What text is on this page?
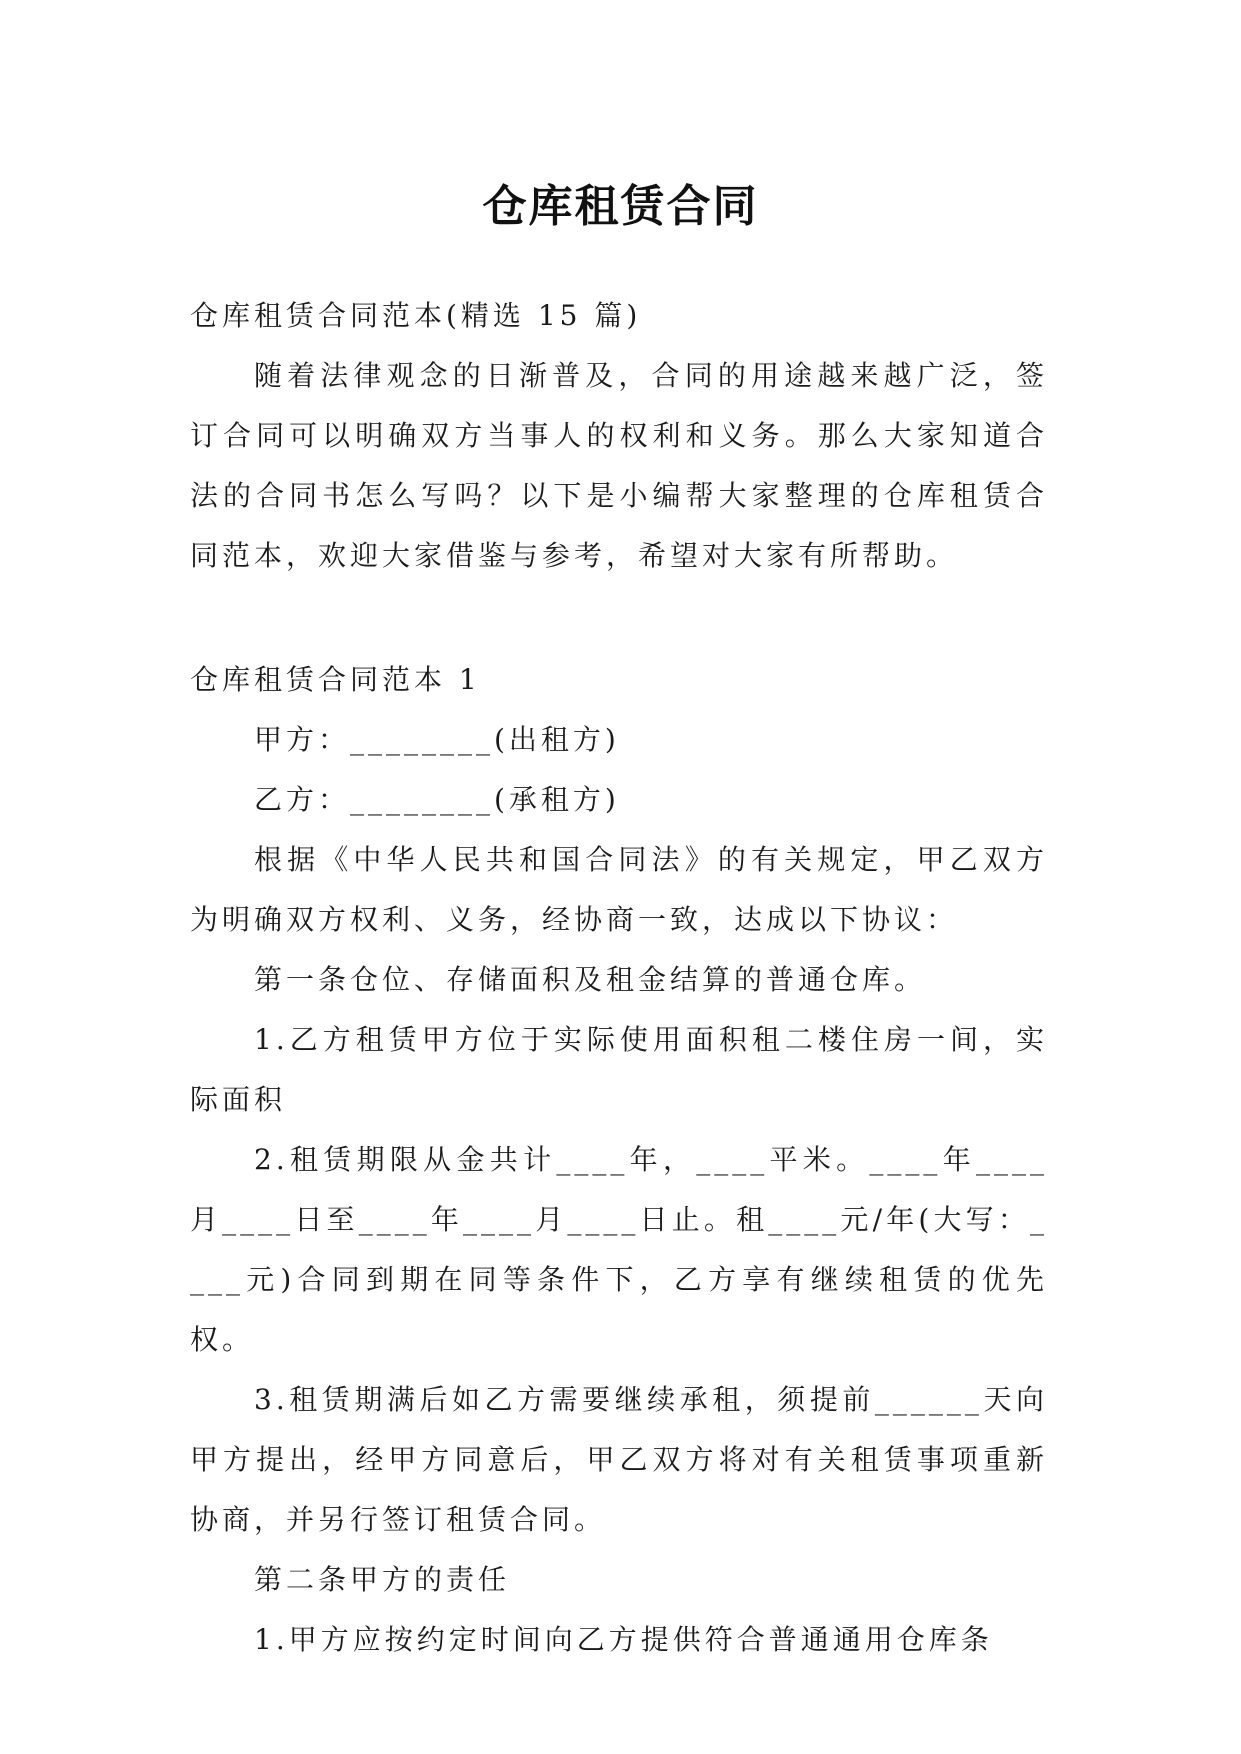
仓库租赁合同

仓库租赁合同范本(精选 15 篇)

随着法律观念的日渐普及，合同的用途越来越广泛，签订合同可以明确双方当事人的权利和义务。那么大家知道合法的合同书怎么写吗？以下是小编帮大家整理的仓库租赁合同范本，欢迎大家借鉴与参考，希望对大家有所帮助。

仓库租赁合同范本 1

甲方：________(出租方)

乙方：________(承租方)

根据《中华人民共和国合同法》的有关规定，甲乙双方为明确双方权利、义务，经协商一致，达成以下协议：

第一条仓位、存储面积及租金结算的普通仓库。

1.乙方租赁甲方位于实际使用面积租二楼住房一间，实际面积

2.租赁期限从金共计____年，____平米。____年____月____日至____年____月____日止。租____元/年(大写：____元)合同到期在同等条件下，乙方享有继续租赁的优先权。

3.租赁期满后如乙方需要继续承租，须提前______天向甲方提出，经甲方同意后，甲乙双方将对有关租赁事项重新协商，并另行签订租赁合同。

第二条甲方的责任

1.甲方应按约定时间向乙方提供符合普通通用仓库条
